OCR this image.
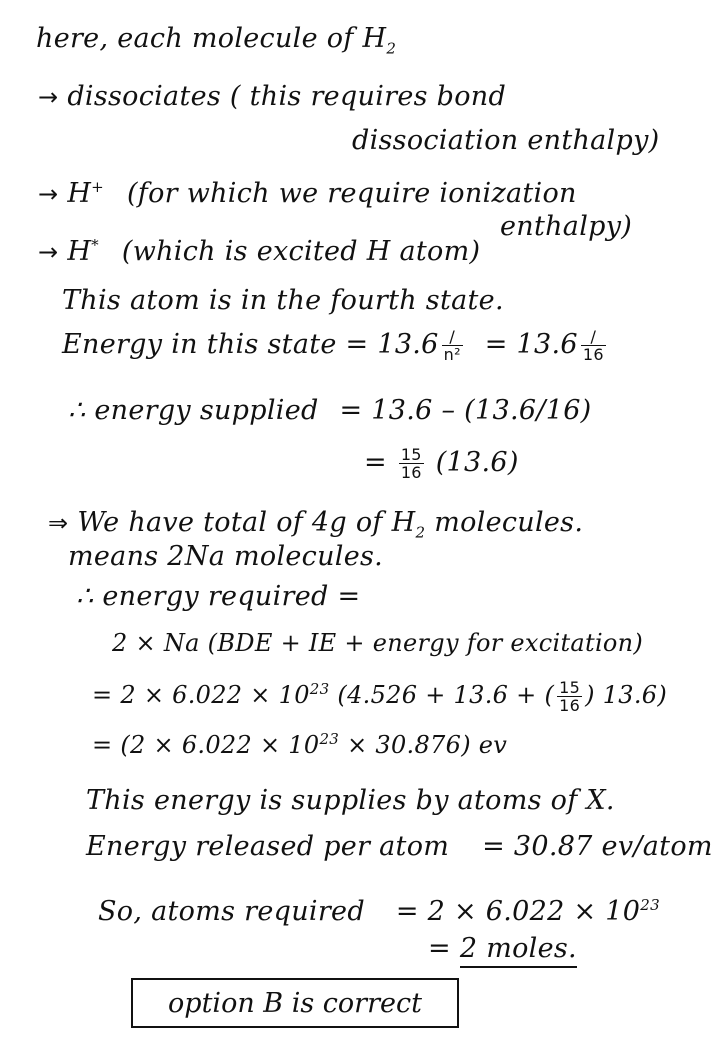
here, each molecule of $H_2$
→ dissociates ( this requires bond
dissociation enthalpy)
→ H+ (for which we require ionization
enthalpy)
→ H* (which is excited H atom)
This atom is in the fourth state.
Energy in this state = $13.6 \frac{/}{\text{n²}} = 13.6 \frac{/}{16}$
∴ energy supplied = 13.6 – (13.6/16)
= $\frac{15}{16} (13.6)$
⇒ We have total of 4g of $H_2$ molecules.
means 2Na molecules.
∴ energy required =
2 × Na (BDE + IE + energy for excitation)
= $2 \times 6.022 \times 10^{23}$ (4.526 + 13.6 + ( $\frac{15}{16}$ ) 13.6)
= $(2 \times 6.022 \times 10^{23} \times 30.876)$ ev
This energy is supplies by atoms of X.
Energy released per atom = 30.87 ev/atom
So, atoms required = $2 \times 6.022 \times 10^{23}$
= 2 moles.
option B is correct
